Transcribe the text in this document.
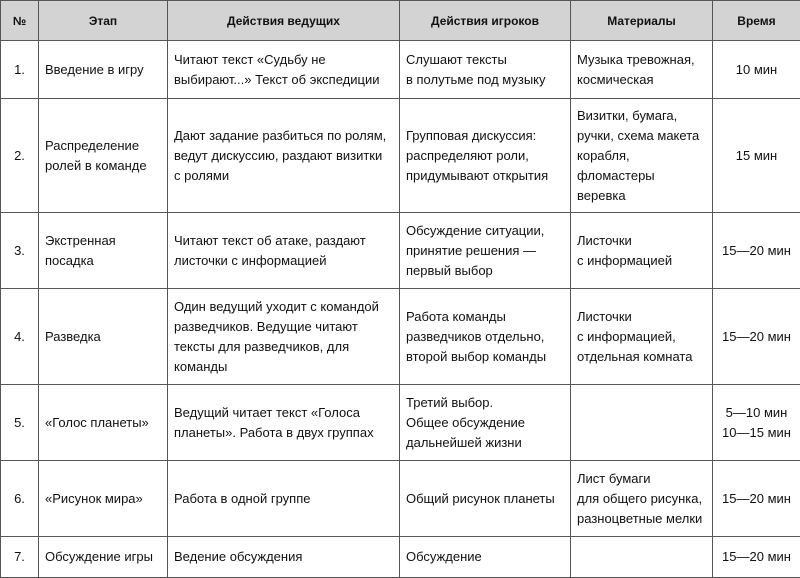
№	Этап	Действия ведущих	Действия игроков	Материалы	Время
1.	Введение в игру	Читают текст «Судьбу не
выбирают...» Текст об экспедиции	Слушают тексты
в полутьме под музыку	Музыка тревожная,
космическая	10 мин

2.	Распределение
ролей в команде	Дают задание разбиться по ролям,
ведут дискуссию, раздают визитки
с ролями	Групповая дискуссия:
распределяют роли,
придумывают открытия	Визитки, бумага,
ручки, схема макета
корабля,
фломастеры
веревка	15 мин

3.	Экстренная
посадка	Читают текст об атаке, раздают
листочки с информацией	Обсуждение ситуации,
принятие решения —
первый выбор	Листочки
с информацией	15—20 мин

4.	Разведка	Один ведущий уходит с командой
разведчиков. Ведущие читают
тексты для разведчиков, для
команды	Работа команды
разведчиков отдельно,
второй выбор команды	Листочки
с информацией,
отдельная комната	15—20 мин

5.	«Голос планеты»	Ведущий читает текст «Голоса
планеты». Работа в двух группах	Третий выбор.
Общее обсуждение
дальнейшей жизни		5—10 мин
10—15 мин

6.	«Рисунок мира»	Работа в одной группе	Общий рисунок планеты	Лист бумаги
для общего рисунка,
разноцветные мелки	15—20 мин

7.	Обсуждение игры	Ведение обсуждения	Обсуждение		15—20 мин
